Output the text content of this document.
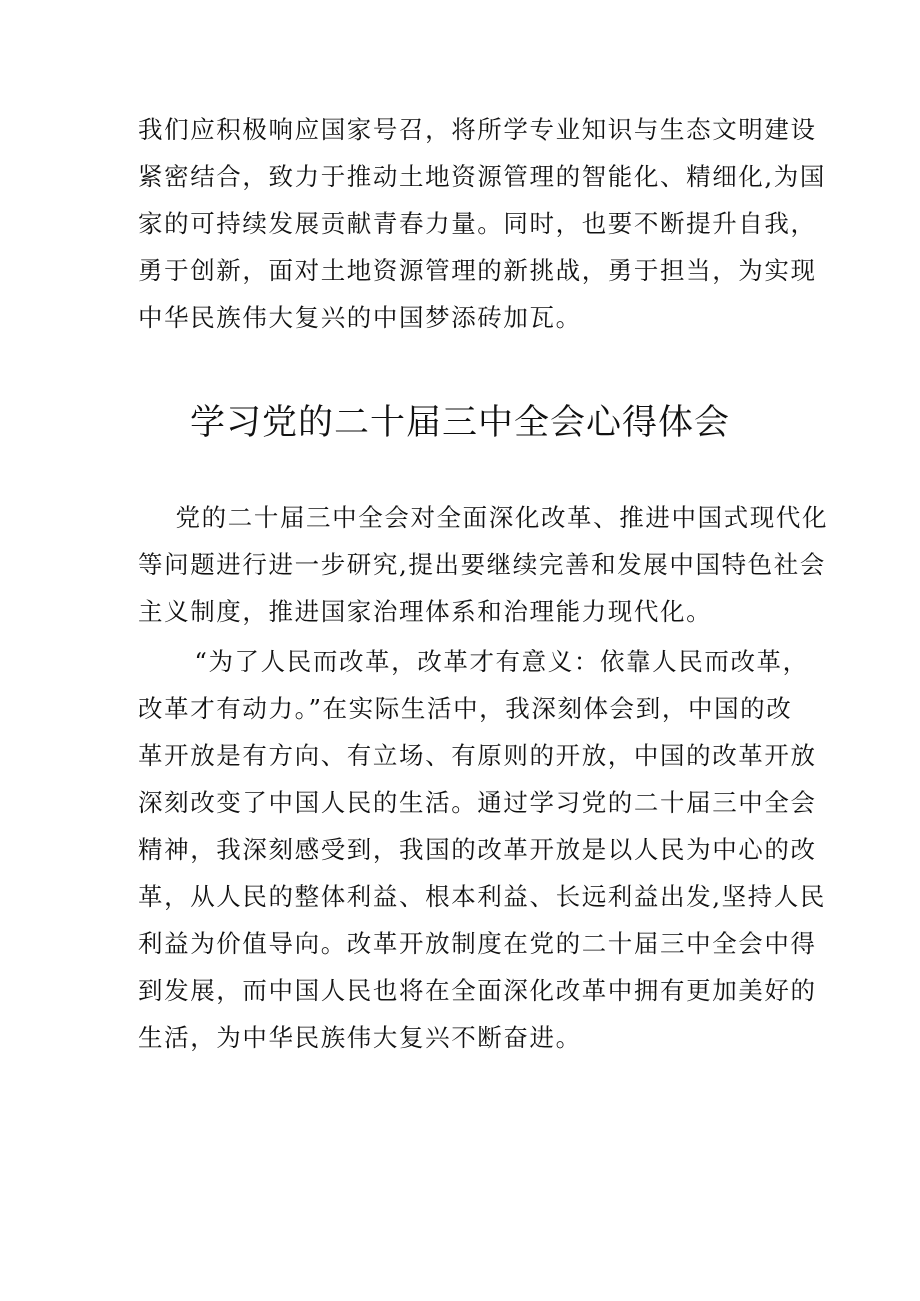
我们应积极响应国家号召，将所学专业知识与生态文明建设
紧密结合，致力于推动土地资源管理的智能化、精细化,为国
家的可持续发展贡献青春力量。同时，也要不断提升自我，
勇于创新，面对土地资源管理的新挑战，勇于担当，为实现
中华民族伟大复兴的中国梦添砖加瓦。
学习党的二十届三中全会心得体会
党的二十届三中全会对全面深化改革、推进中国式现代化
等问题进行进一步研究,提出要继续完善和发展中国特色社会
主义制度，推进国家治理体系和治理能力现代化。
“为了人民而改革，改革才有意义：依靠人民而改革，
改革才有动力。”在实际生活中，我深刻体会到，中国的改
革开放是有方向、有立场、有原则的开放，中国的改革开放
深刻改变了中国人民的生活。通过学习党的二十届三中全会
精神，我深刻感受到，我国的改革开放是以人民为中心的改
革，从人民的整体利益、根本利益、长远利益出发,坚持人民
利益为价值导向。改革开放制度在党的二十届三中全会中得
到发展，而中国人民也将在全面深化改革中拥有更加美好的
生活，为中华民族伟大复兴不断奋进。
